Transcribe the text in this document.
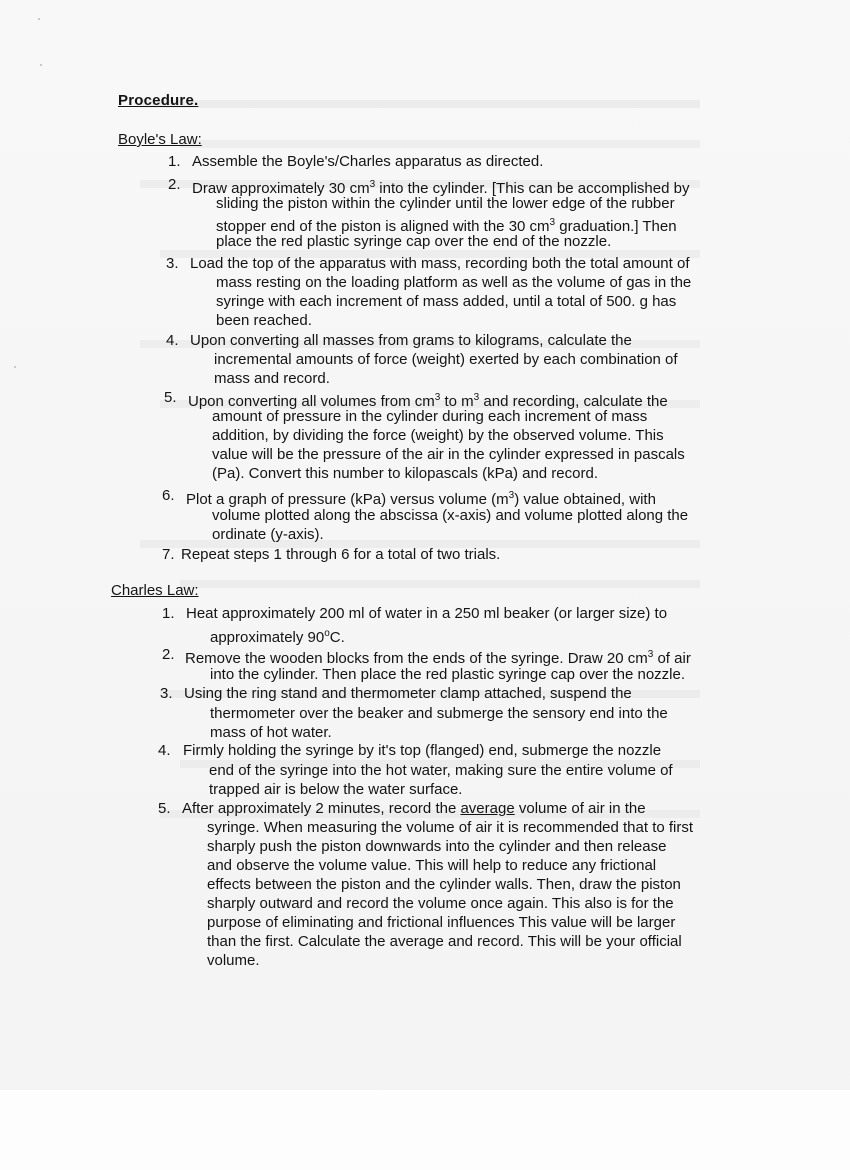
Procedure.
Boyle's Law:
1. Assemble the Boyle's/Charles apparatus as directed.
2. Draw approximately 30 $cm^3$ into the cylinder. [This can be accomplished by
sliding the piston within the cylinder until the lower edge of the rubber
stopper end of the piston is aligned with the 30 $cm^3$ graduation.] Then
place the red plastic syringe cap over the end of the nozzle.
3. Load the top of the apparatus with mass, recording both the total amount of
mass resting on the loading platform as well as the volume of gas in the
syringe with each increment of mass added, until a total of 500. g has
been reached.
4. Upon converting all masses from grams to kilograms, calculate the
incremental amounts of force (weight) exerted by each combination of
mass and record.
5. Upon converting all volumes from $cm^3$ to $m^3$ and recording, calculate the
amount of pressure in the cylinder during each increment of mass
addition, by dividing the force (weight) by the observed volume. This
value will be the pressure of the air in the cylinder expressed in pascals
(Pa). Convert this number to kilopascals (kPa) and record.
6. Plot a graph of pressure (kPa) versus volume $(m^3)$ value obtained, with
volume plotted along the abscissa (x-axis) and volume plotted along the
ordinate (y-axis).
7. Repeat steps 1 through 6 for a total of two trials.
Charles Law:
1. Heat approximately 200 ml of water in a 250 ml beaker (or larger size) to
approximately 90$^o$C.
2. Remove the wooden blocks from the ends of the syringe. Draw 20 $cm^3$ of air
into the cylinder. Then place the red plastic syringe cap over the nozzle.
3. Using the ring stand and thermometer clamp attached, suspend the
thermometer over the beaker and submerge the sensory end into the
mass of hot water.
4. Firmly holding the syringe by it's top (flanged) end, submerge the nozzle
end of the syringe into the hot water, making sure the entire volume of
trapped air is below the water surface.
5. After approximately 2 minutes, record the average volume of air in the
syringe. When measuring the volume of air it is recommended that to first
sharply push the piston downwards into the cylinder and then release
and observe the volume value. This will help to reduce any frictional
effects between the piston and the cylinder walls. Then, draw the piston
sharply outward and record the volume once again. This also is for the
purpose of eliminating and frictional influences This value will be larger
than the first. Calculate the average and record. This will be your official
volume.
